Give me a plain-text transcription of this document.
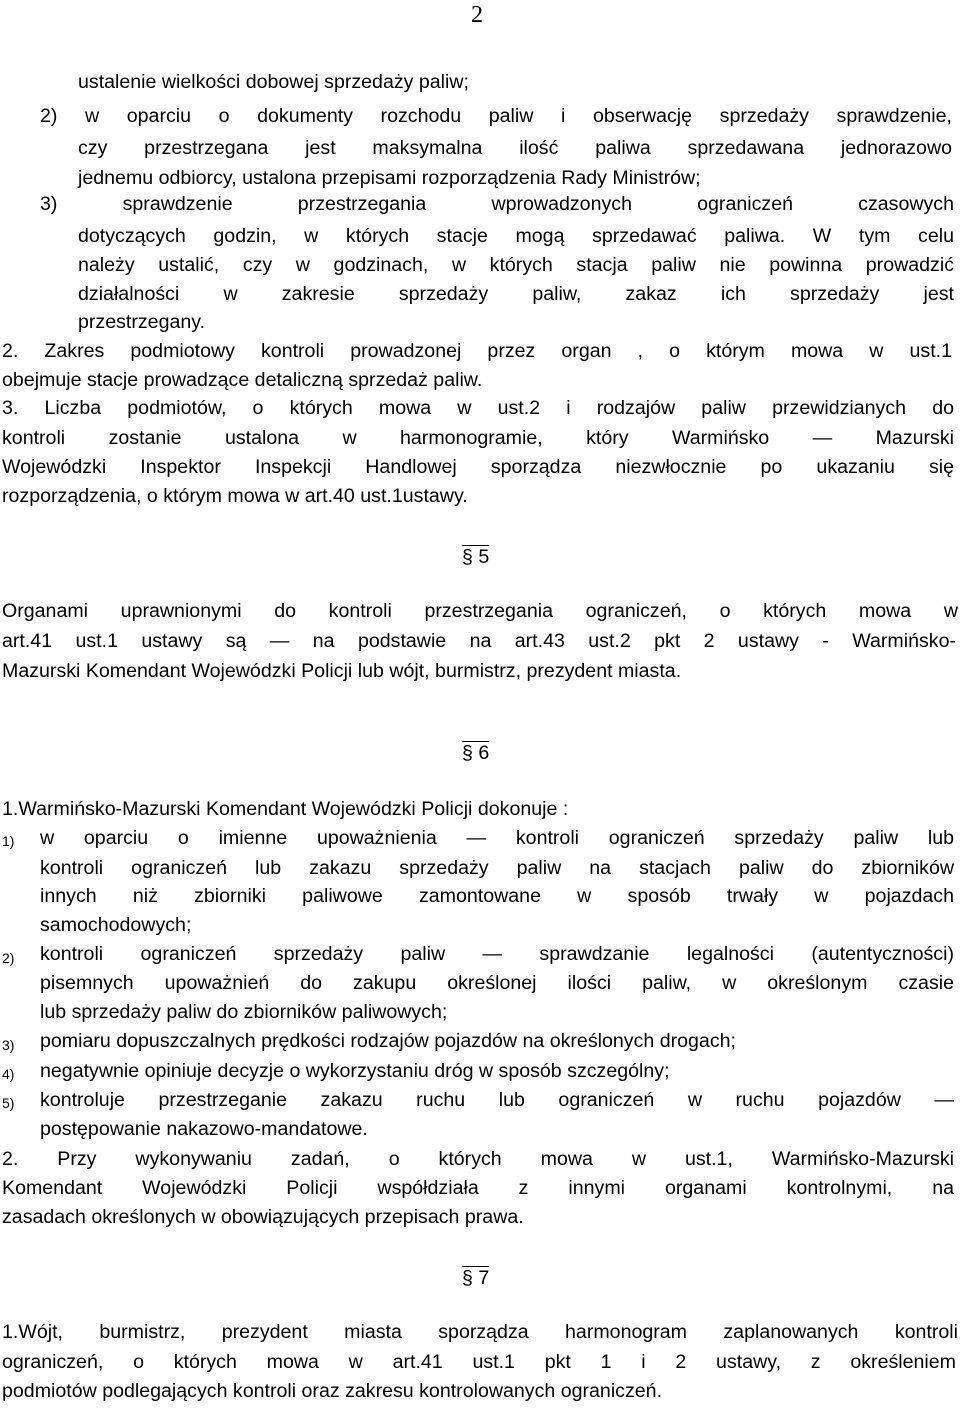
2
ustalenie wielkości dobowej sprzedaży paliw;
2) w oparciu o dokumenty rozchodu paliw i obserwację sprzedaży sprawdzenie,
czy przestrzegana jest maksymalna ilość paliwa sprzedawana jednorazowo
jednemu odbiorcy, ustalona przepisami rozporządzenia Rady Ministrów;
3) sprawdzenie przestrzegania wprowadzonych ograniczeń czasowych
dotyczących godzin, w których stacje mogą sprzedawać paliwa. W tym celu
należy ustalić, czy w godzinach, w których stacja paliw nie powinna prowadzić
działalności w zakresie sprzedaży paliw, zakaz ich sprzedaży jest
przestrzegany.
2. Zakres podmiotowy kontroli prowadzonej przez organ , o którym mowa w ust.1
obejmuje stacje prowadzące detaliczną sprzedaż paliw.
3. Liczba podmiotów, o których mowa w ust.2 i rodzajów paliw przewidzianych do
kontroli zostanie ustalona w harmonogramie, który Warmińsko — Mazurski
Wojewódzki Inspektor Inspekcji Handlowej sporządza niezwłocznie po ukazaniu się
rozporządzenia, o którym mowa w art.40 ust.1ustawy.
§ 5
Organami uprawnionymi do kontroli przestrzegania ograniczeń, o których mowa w
art.41 ust.1 ustawy są — na podstawie na art.43 ust.2 pkt 2 ustawy - Warmińsko-
Mazurski Komendant Wojewódzki Policji lub wójt, burmistrz, prezydent miasta.
§ 6
1.Warmińsko-Mazurski Komendant Wojewódzki Policji dokonuje :
1) w oparciu o imienne upoważnienia — kontroli ograniczeń sprzedaży paliw lub
kontroli ograniczeń lub zakazu sprzedaży paliw na stacjach paliw do zbiorników
innych niż zbiorniki paliwowe zamontowane w sposób trwały w pojazdach
samochodowych;
2) kontroli ograniczeń sprzedaży paliw — sprawdzanie legalności (autentyczności)
pisemnych upoważnień do zakupu określonej ilości paliw, w określonym czasie
lub sprzedaży paliw do zbiorników paliwowych;
3) pomiaru dopuszczalnych prędkości rodzajów pojazdów na określonych drogach;
4) negatywnie opiniuje decyzje o wykorzystaniu dróg w sposób szczególny;
5) kontroluje przestrzeganie zakazu ruchu lub ograniczeń w ruchu pojazdów —
postępowanie nakazowo-mandatowe.
2. Przy wykonywaniu zadań, o których mowa w ust.1, Warmińsko-Mazurski
Komendant Wojewódzki Policji współdziała z innymi organami kontrolnymi, na
zasadach określonych w obowiązujących przepisach prawa.
§ 7
1.Wójt, burmistrz, prezydent miasta sporządza harmonogram zaplanowanych kontroli
ograniczeń, o których mowa w art.41 ust.1 pkt 1 i 2 ustawy, z określeniem
podmiotów podlegających kontroli oraz zakresu kontrolowanych ograniczeń.
